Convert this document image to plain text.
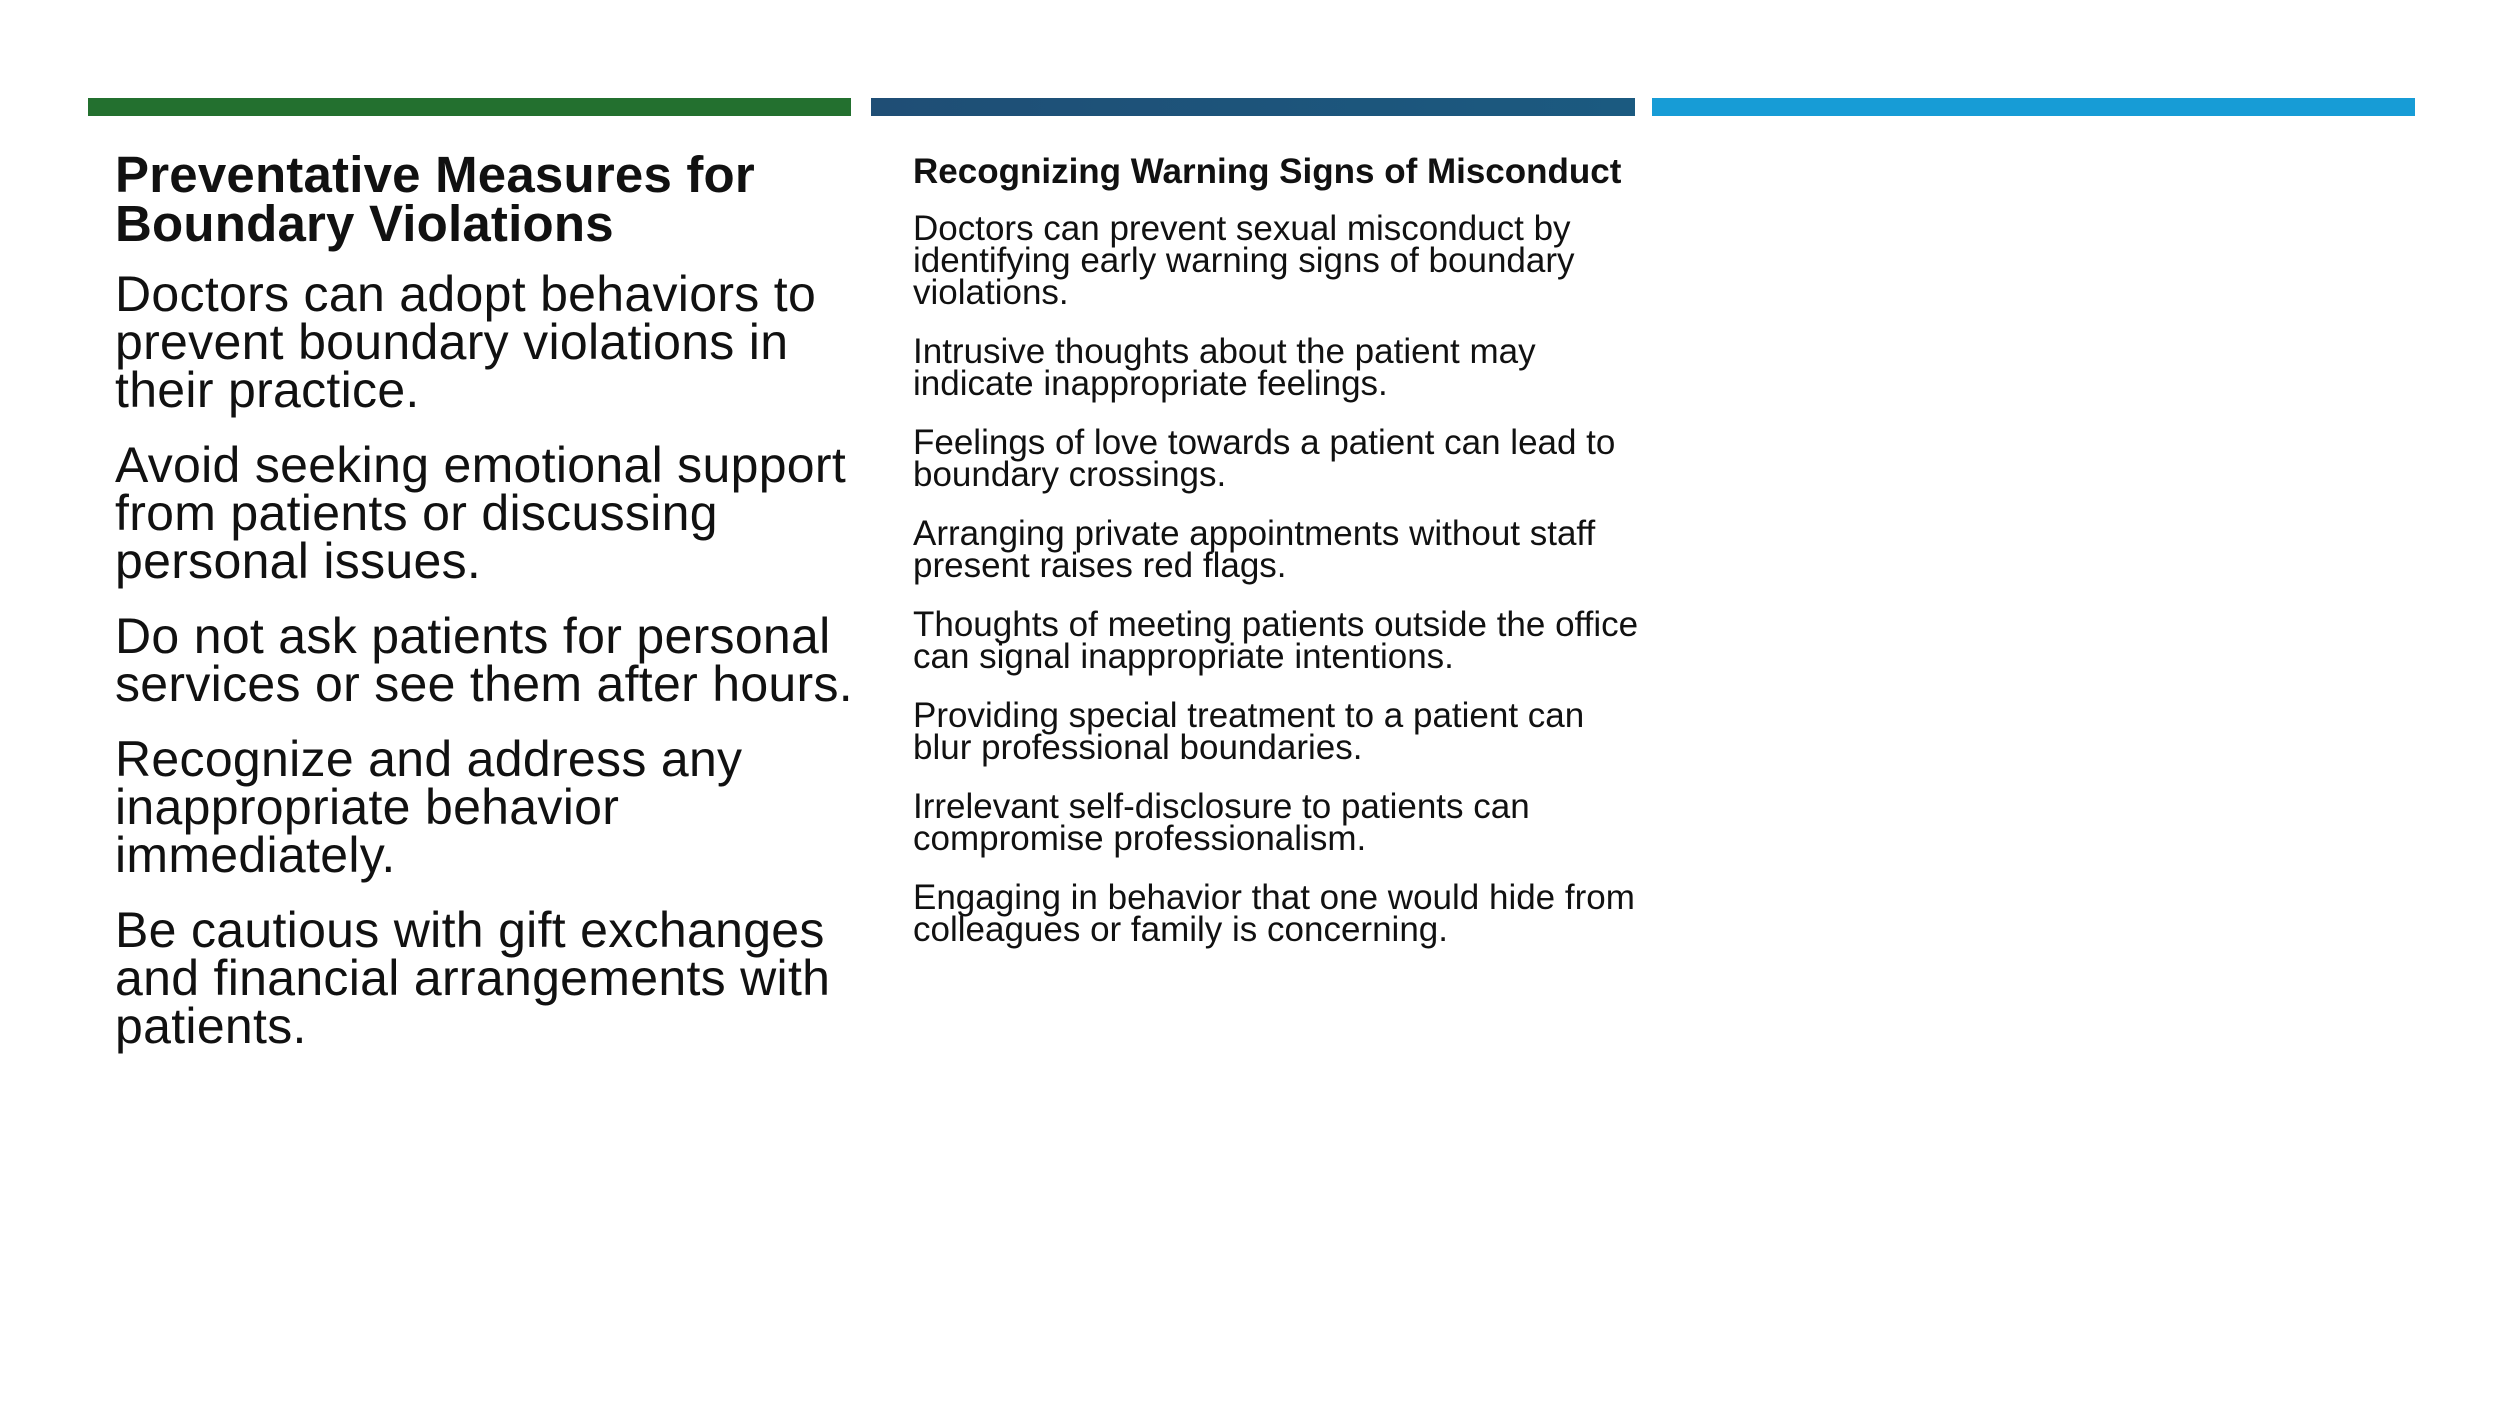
Preventative Measures for Boundary Violations
Doctors can adopt behaviors to prevent boundary violations in their practice.
Avoid seeking emotional support from patients or discussing personal issues.
Do not ask patients for personal services or see them after hours.
Recognize and address any inappropriate behavior immediately.
Be cautious with gift exchanges and financial arrangements with patients.
Recognizing Warning Signs of Misconduct
Doctors can prevent sexual misconduct by identifying early warning signs of boundary violations.
Intrusive thoughts about the patient may indicate inappropriate feelings.
Feelings of love towards a patient can lead to boundary crossings.
Arranging private appointments without staff present raises red flags.
Thoughts of meeting patients outside the office can signal inappropriate intentions.
Providing special treatment to a patient can blur professional boundaries.
Irrelevant self-disclosure to patients can compromise professionalism.
Engaging in behavior that one would hide from colleagues or family is concerning.
